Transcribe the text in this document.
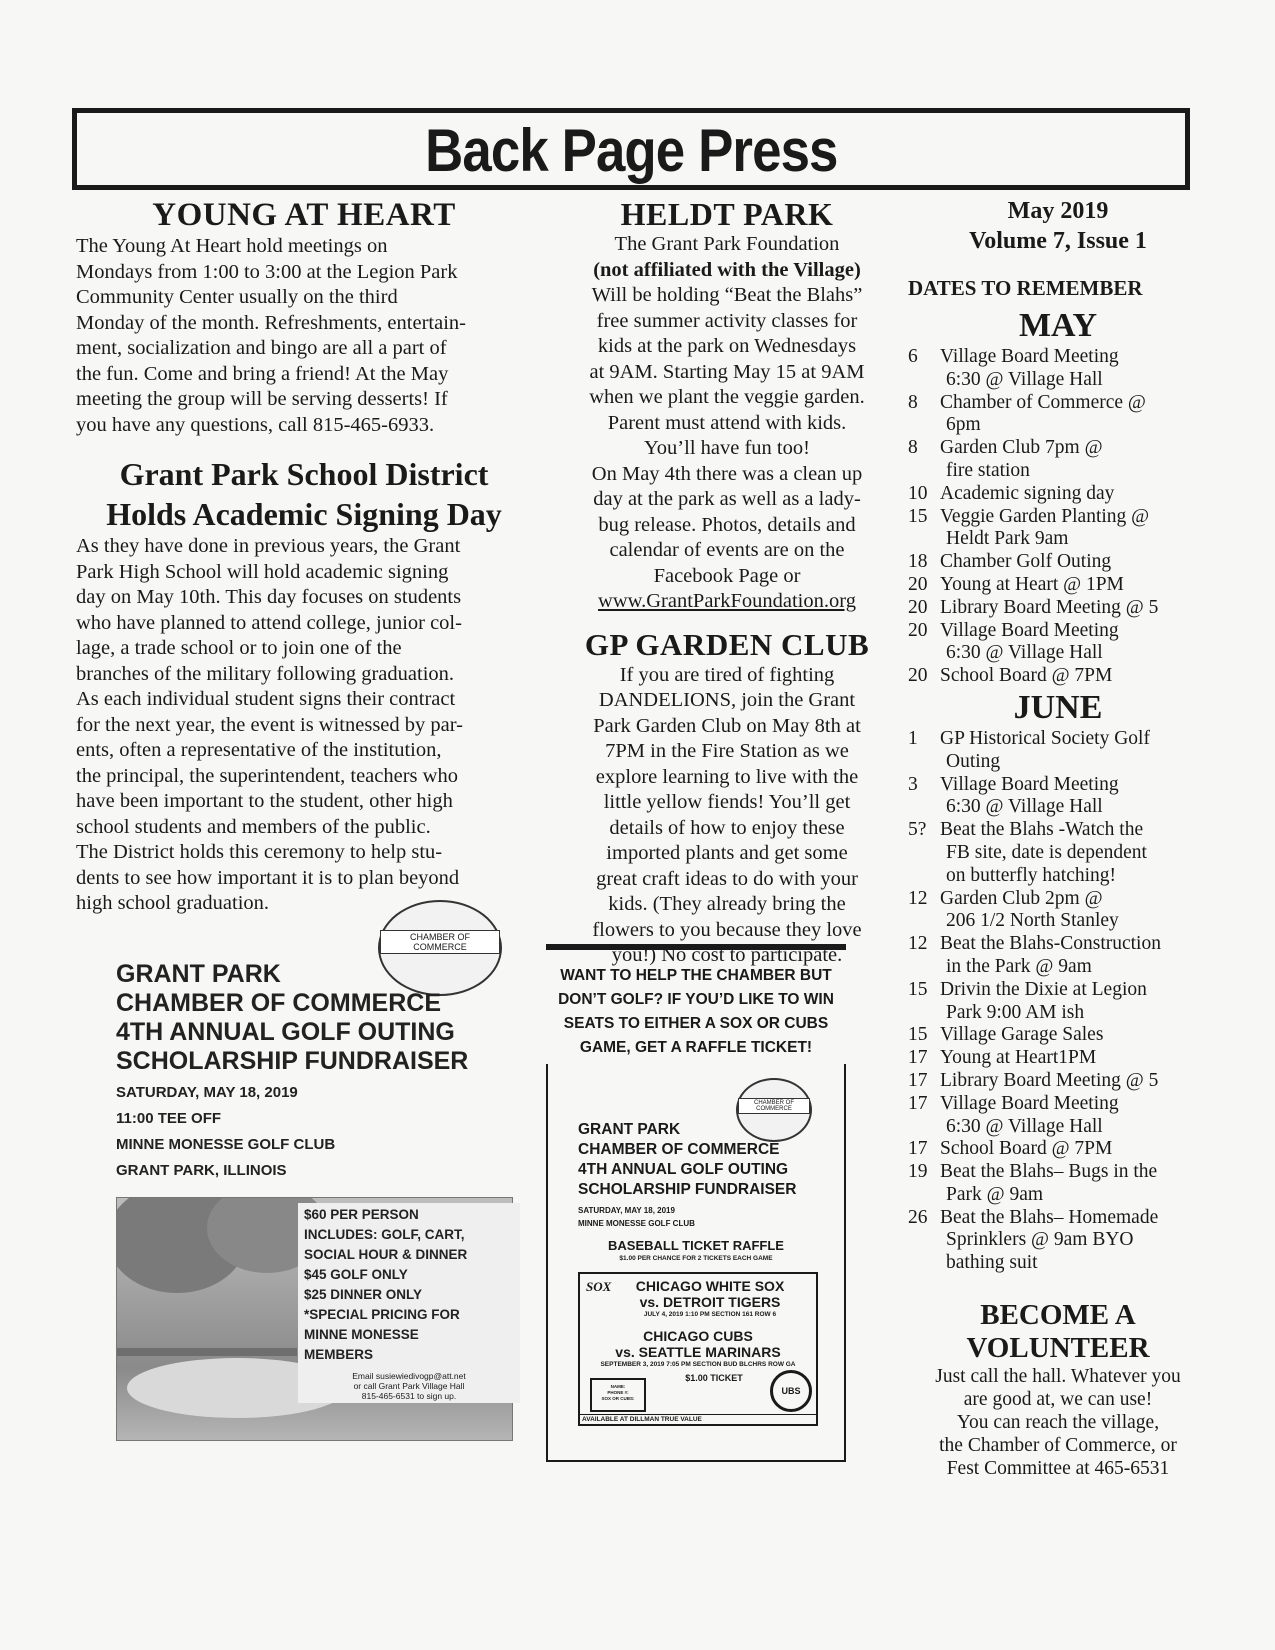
Back Page Press
YOUNG AT HEART

The Young At Heart hold meetings on

Mondays from 1:00 to 3:00 at the Legion Park

Community Center usually on the third

Monday of the month. Refreshments, entertain-

ment, socialization and bingo are all a part of

the fun. Come and bring a friend! At the May

meeting the group will be serving desserts! If

you have any questions, call 815-465-6933.

Grant Park School District
Holds Academic Signing Day

As they have done in previous years, the Grant

Park High School will hold academic signing

day on May 10th. This day focuses on students

who have planned to attend college, junior col-

lage, a trade school or to join one of the

branches of the military following graduation.

As each individual student signs their contract

for the next year, the event is witnessed by par-

ents, often a representative of the institution,

the principal, the superintendent, teachers who

have been important to the student, other high

school students and members of the public.

The District holds this ceremony to help stu-

dents to see how important it is to plan beyond

high school graduation.

CHAMBER OF COMMERCE
GRANT PARK
CHAMBER OF COMMERCE
4TH ANNUAL GOLF OUTING
SCHOLARSHIP FUNDRAISER
SATURDAY, MAY 18, 2019
11:00 TEE OFF
MINNE MONESSE GOLF CLUB
GRANT PARK, ILLINOIS
$60 PER PERSON
INCLUDES: GOLF, CART,
SOCIAL HOUR & DINNER
$45 GOLF ONLY
$25 DINNER ONLY
*SPECIAL PRICING FOR
MINNE MONESSE
MEMBERS
Email susiewiedivogp@att.net
or call Grant Park Village Hall
815-465-6531 to sign up.
HELDT PARK

The Grant Park Foundation

(not affiliated with the Village)

Will be holding “Beat the Blahs”

free summer activity classes for

kids at the park on Wednesdays

at 9AM. Starting May 15 at 9AM

when we plant the veggie garden.

Parent must attend with kids.

You’ll have fun too!

On May 4th there was a clean up

day at the park as well as a lady-

bug release. Photos, details and

calendar of events are on the

Facebook Page or

www.GrantParkFoundation.org

GP GARDEN CLUB

If you are tired of fighting

DANDELIONS, join the Grant

Park Garden Club on May 8th at

7PM in the Fire Station as we

explore learning to live with the

little yellow fiends! You’ll get

details of how to enjoy these

imported plants and get some

great craft ideas to do with your

kids. (They already bring the

flowers to you because they love

you!) No cost to participate.

WANT TO HELP THE CHAMBER BUT
DON’T GOLF? IF YOU’D LIKE TO WIN
SEATS TO EITHER A SOX OR CUBS
GAME, GET A RAFFLE TICKET!
CHAMBER OF COMMERCE
GRANT PARK
CHAMBER OF COMMERCE
4TH ANNUAL GOLF OUTING
SCHOLARSHIP FUNDRAISER
SATURDAY, MAY 18, 2019
MINNE MONESSE GOLF CLUB
BASEBALL TICKET RAFFLE
$1.00 PER CHANCE FOR 2 TICKETS EACH GAME
SOX	CHICAGO WHITE SOX
vs. DETROIT TIGERS
JULY 4, 2019 1:10 PM SECTION 161 ROW 6
CHICAGO CUBS
vs. SEATTLE MARINARS
SEPTEMBER 3, 2019 7:05 PM SECTION BUD BLCHRS ROW GA
$1.00 TICKET
NAME:
PHONE #:
SOX OR CUBS:
UBS
AVAILABLE AT DILLMAN TRUE VALUE
May 2019
Volume 7, Issue 1
DATES TO REMEMBER
MAY
6	Village Board Meeting
6:30 @ Village Hall
8	Chamber of Commerce @
6pm
8	Garden Club 7pm @
fire station
10 Academic signing day
15 Veggie Garden Planting @
Heldt Park 9am
18 Chamber Golf Outing
20 Young at Heart @ 1PM
20 Library Board Meeting @ 5
20 Village Board Meeting
6:30 @ Village Hall
20 School Board @ 7PM
JUNE
1	GP Historical Society Golf
Outing
3	Village Board Meeting
6:30 @ Village Hall
5? Beat the Blahs -Watch the
FB site, date is dependent
on butterfly hatching!
12 Garden Club 2pm @
206 1/2 North Stanley
12 Beat the Blahs-Construction
in the Park @ 9am
15 Drivin the Dixie at Legion
Park 9:00 AM ish
15 Village Garage Sales
17 Young at Heart1PM
17 Library Board Meeting @ 5
17 Village Board Meeting
6:30 @ Village Hall
17 School Board @ 7PM
19 Beat the Blahs– Bugs in the
Park @ 9am
26 Beat the Blahs– Homemade
Sprinklers @ 9am BYO
bathing suit
BECOME A
VOLUNTEER
Just call the hall. Whatever you
are good at, we can use!
You can reach the village,
the Chamber of Commerce, or
Fest Committee at 465-6531
